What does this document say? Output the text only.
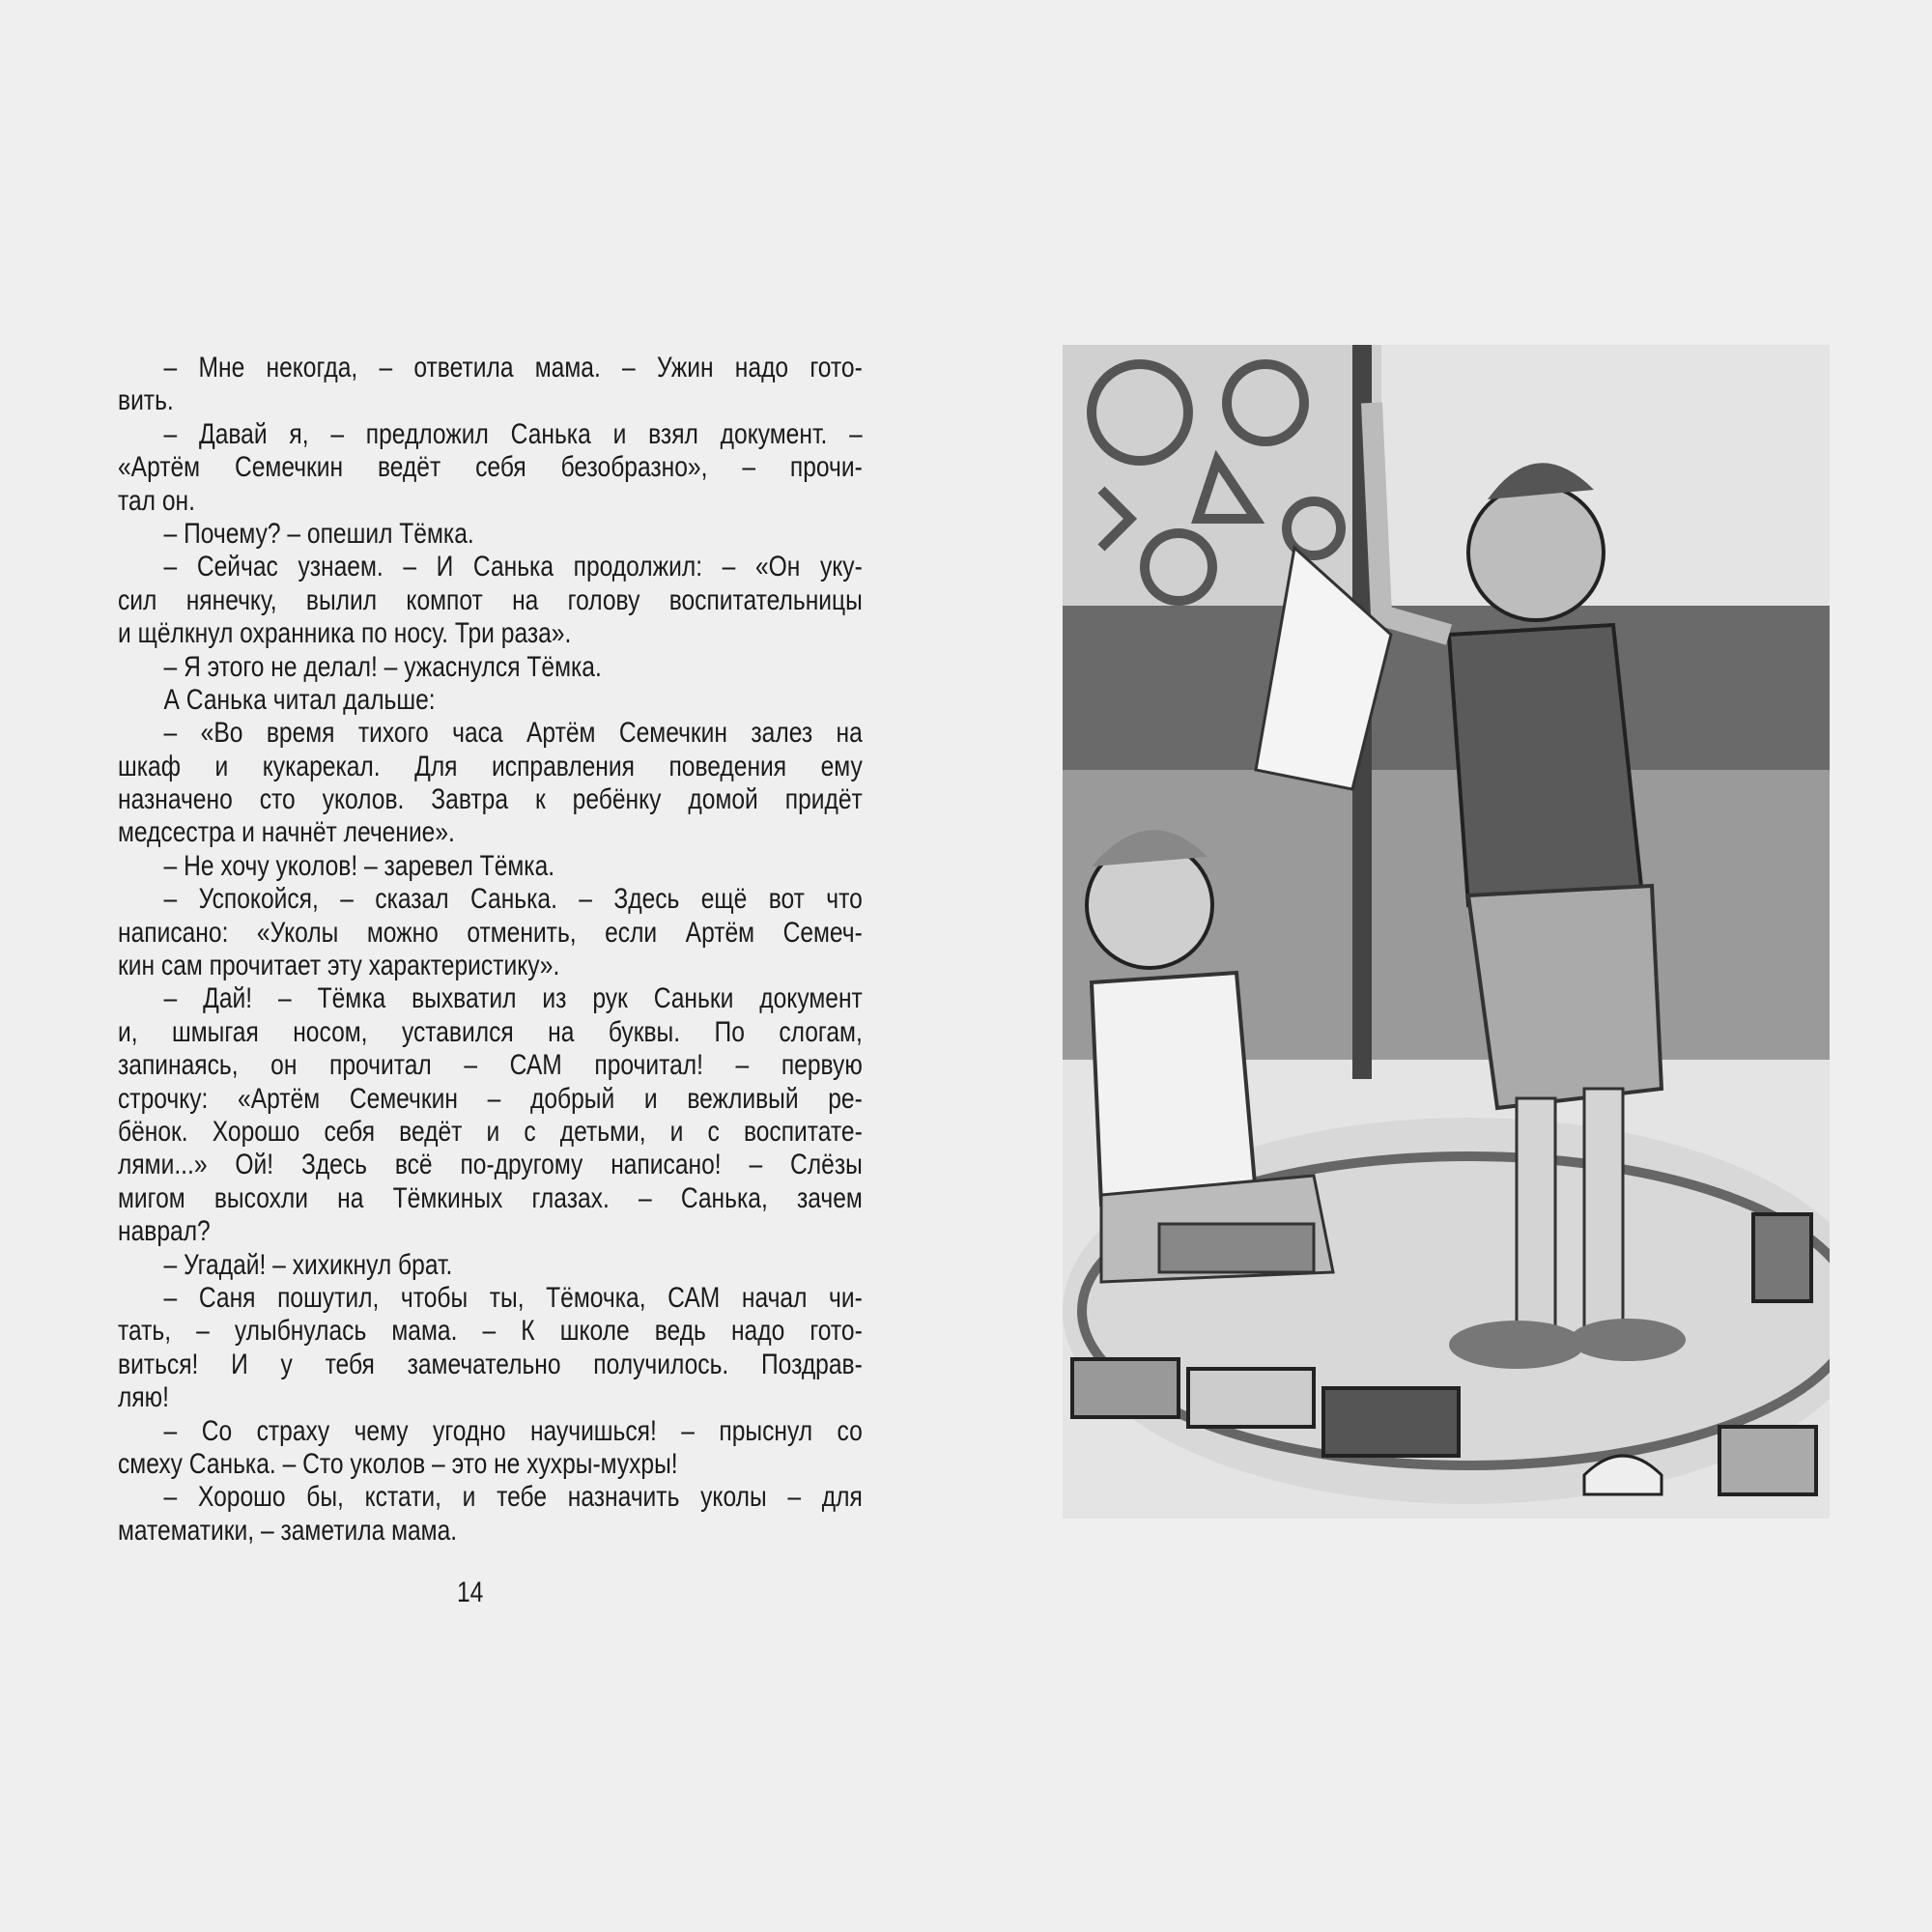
– Мне некогда, – ответила мама. – Ужин надо гото-
вить.
– Давай я, – предложил Санька и взял документ. –
«Артём Семечкин ведёт себя безобразно», – прочи-
тал он.
– Почему? – опешил Тёмка.
– Сейчас узнаем. – И Санька продолжил: – «Он уку-
сил нянечку, вылил компот на голову воспитательницы
и щёлкнул охранника по носу. Три раза».
– Я этого не делал! – ужаснулся Тёмка.
А Санька читал дальше:
– «Во время тихого часа Артём Семечкин залез на
шкаф и кукарекал. Для исправления поведения ему
назначено сто уколов. Завтра к ребёнку домой придёт
медсестра и начнёт лечение».
– Не хочу уколов! – заревел Тёмка.
– Успокойся, – сказал Санька. – Здесь ещё вот что
написано: «Уколы можно отменить, если Артём Семеч-
кин сам прочитает эту характеристику».
– Дай! – Тёмка выхватил из рук Саньки документ
и, шмыгая носом, уставился на буквы. По слогам,
запинаясь, он прочитал – САМ прочитал! – первую
строчку: «Артём Семечкин – добрый и вежливый ре-
бёнок. Хорошо себя ведёт и с детьми, и с воспитате-
лями...» Ой! Здесь всё по-другому написано! – Слёзы
мигом высохли на Тёмкиных глазах. – Санька, зачем
наврал?
– Угадай! – хихикнул брат.
– Саня пошутил, чтобы ты, Тёмочка, САМ начал чи-
тать, – улыбнулась мама. – К школе ведь надо гото-
виться! И у тебя замечательно получилось. Поздрав-
ляю!
– Со страху чему угодно научишься! – прыснул со
смеху Санька. – Сто уколов – это не хухры-мухры!
– Хорошо бы, кстати, и тебе назначить уколы – для
математики, – заметила мама.
14
